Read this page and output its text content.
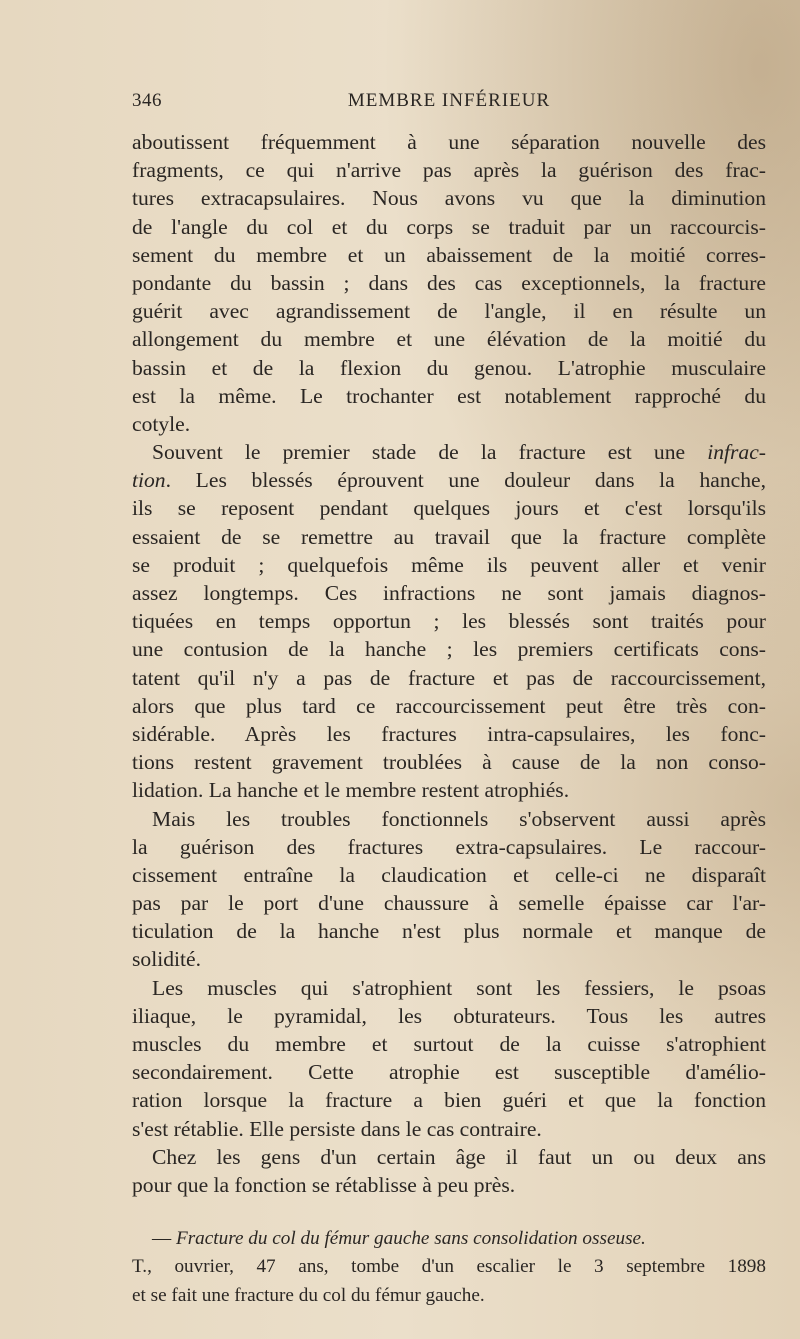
346	MEMBRE INFÉRIEUR
aboutissent fréquemment à une séparation nouvelle des
fragments, ce qui n'arrive pas après la guérison des frac-
tures extracapsulaires. Nous avons vu que la diminution
de l'angle du col et du corps se traduit par un raccourcis-
sement du membre et un abaissement de la moitié corres-
pondante du bassin ; dans des cas exceptionnels, la fracture
guérit avec agrandissement de l'angle, il en résulte un
allongement du membre et une élévation de la moitié du
bassin et de la flexion du genou. L'atrophie musculaire
est la même. Le trochanter est notablement rapproché du
cotyle.
Souvent le premier stade de la fracture est une infrac-
tion. Les blessés éprouvent une douleur dans la hanche,
ils se reposent pendant quelques jours et c'est lorsqu'ils
essaient de se remettre au travail que la fracture complète
se produit ; quelquefois même ils peuvent aller et venir
assez longtemps. Ces infractions ne sont jamais diagnos-
tiquées en temps opportun ; les blessés sont traités pour
une contusion de la hanche ; les premiers certificats cons-
tatent qu'il n'y a pas de fracture et pas de raccourcissement,
alors que plus tard ce raccourcissement peut être très con-
sidérable. Après les fractures intra-capsulaires, les fonc-
tions restent gravement troublées à cause de la non conso-
lidation. La hanche et le membre restent atrophiés.
Mais les troubles fonctionnels s'observent aussi après
la guérison des fractures extra-capsulaires. Le raccour-
cissement entraîne la claudication et celle-ci ne disparaît
pas par le port d'une chaussure à semelle épaisse car l'ar-
ticulation de la hanche n'est plus normale et manque de
solidité.
Les muscles qui s'atrophient sont les fessiers, le psoas
iliaque, le pyramidal, les obturateurs. Tous les autres
muscles du membre et surtout de la cuisse s'atrophient
secondairement. Cette atrophie est susceptible d'amélio-
ration lorsque la fracture a bien guéri et que la fonction
s'est rétablie. Elle persiste dans le cas contraire.
Chez les gens d'un certain âge il faut un ou deux ans
pour que la fonction se rétablisse à peu près.
— Fracture du col du fémur gauche sans consolidation osseuse.
T., ouvrier, 47 ans, tombe d'un escalier le 3 septembre 1898
et se fait une fracture du col du fémur gauche.
